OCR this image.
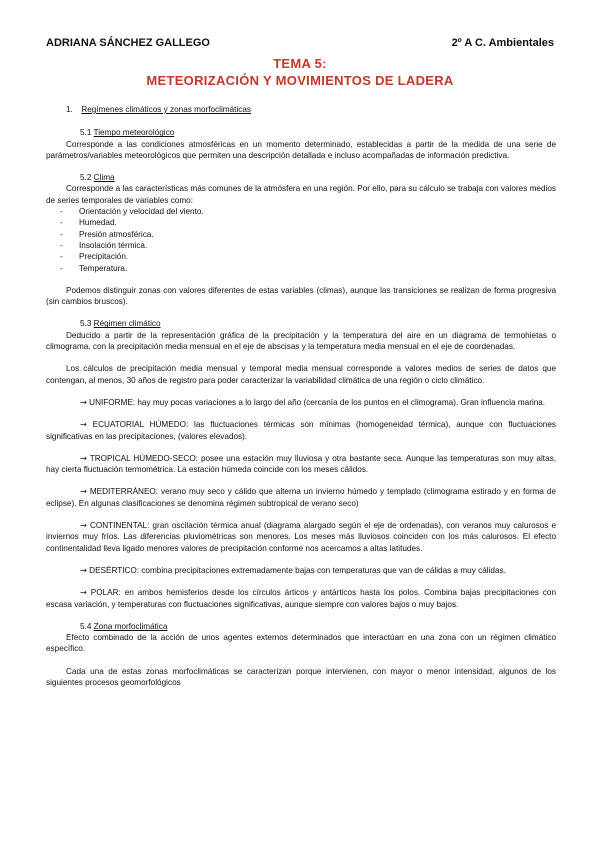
ADRIANA SÁNCHEZ GALLEGO	2º A C. Ambientales
TEMA 5:
METEORIZACIÓN Y MOVIMIENTOS DE LADERA
1. Regímenes climáticos y zonas morfoclimáticas
5.1 Tiempo meteorológico

Corresponde a las condiciones atmosféricas en un momento determinado, establecidas a partir de la medida de una serie de parámetros/variables meteorológicos que permiten una descripción detallada e incluso acompañadas de información predictiva.

5.2 Clima

Corresponde a las características más comunes de la atmósfera en una región. Por ello, para su cálculo se trabaja con valores medios de series temporales de variables como:

- Orientación y velocidad del viento.
- Humedad.
- Presión atmosférica.
- Insolación térmica.
- Precipitación.
- Temperatura.

Podemos distinguir zonas con valores diferentes de estas variables (climas), aunque las transiciones se realizan de forma progresiva (sin cambios bruscos).

5.3 Régimen climático

Deducido a partir de la representación gráfica de la precipitación y la temperatura del aire en un diagrama de termohietas o climograma, con la precipitación media mensual en el eje de abscisas y la temperatura media mensual en el eje de coordenadas.

Los cálculos de precipitación media mensual y temporal media mensual corresponde a valores medios de series de datos que contengan, al menos, 30 años de registro para poder caracterizar la variabilidad climática de una región o ciclo climático.

→ UNIFORME: hay muy pocas variaciones a lo largo del año (cercanía de los puntos en el climograma). Gran influencia marina.

→ ECUATORIAL HÚMEDO: las fluctuaciones térmicas son mínimas (homogeneidad térmica), aunque con fluctuaciones significativas en las precipitaciones, (valores elevados).

→ TROPICAL HÚMEDO-SECO: posee una estación muy lluviosa y otra bastante seca. Aunque las temperaturas son muy altas, hay cierta fluctuación termométrica. La estación húmeda coincide con los meses cálidos.

→ MEDITERRÁNEO: verano muy seco y cálido que alterna un invierno húmedo y templado (climograma estirado y en forma de eclipse). En algunas clasificaciones se denomina régimen subtropical de verano seco)

→ CONTINENTAL: gran oscilación térmica anual (diagrama alargado según el eje de ordenadas), con veranos muy calurosos e inviernos muy fríos. Las diferencias pluviométricas son menores. Los meses más lluviosos coinciden con los más calurosos. El efecto continentalidad lleva ligado menores valores de precipitación conforme nos acercamos a altas latitudes.

→ DESÉRTICO: combina precipitaciones extremadamente bajas con temperaturas que van de cálidas a muy cálidas.

→ POLAR: en ambos hemisferios desde los círculos árticos y antárticos hasta los polos. Combina bajas precipitaciones con escasa variación, y temperaturas con fluctuaciones significativas, aunque siempre con valores bajos o muy bajos.

5.4 Zona morfoclimática

Efecto combinado de la acción de unos agentes externos determinados que interactúan en una zona con un régimen climático específico.

Cada una de estas zonas morfoclimáticas se caracterizan porque intervienen, con mayor o menor intensidad, algunos de los siguientes procesos geomorfológicos
